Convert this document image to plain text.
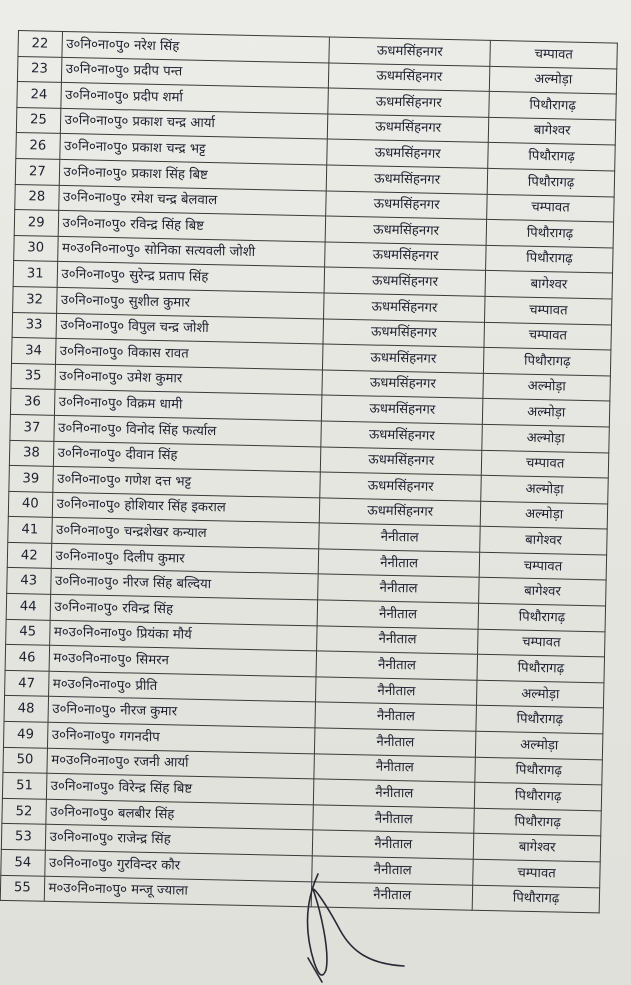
22	उ०नि०ना०पु० नरेश सिंह	ऊधमसिंहनगर	चम्पावत
23	उ०नि०ना०पु० प्रदीप पन्त	ऊधमसिंहनगर	अल्मोड़ा
24	उ०नि०ना०पु० प्रदीप शर्मा	ऊधमसिंहनगर	पिथौरागढ़
25	उ०नि०ना०पु० प्रकाश चन्द्र आर्या	ऊधमसिंहनगर	बागेश्वर
26	उ०नि०ना०पु० प्रकाश चन्द्र भट्ट	ऊधमसिंहनगर	पिथौरागढ़
27	उ०नि०ना०पु० प्रकाश सिंह बिष्ट	ऊधमसिंहनगर	पिथौरागढ़
28	उ०नि०ना०पु० रमेश चन्द्र बेलवाल	ऊधमसिंहनगर	चम्पावत
29	उ०नि०ना०पु० रविन्द्र सिंह बिष्ट	ऊधमसिंहनगर	पिथौरागढ़
30	म०उ०नि०ना०पु० सोनिका सत्यवली जोशी	ऊधमसिंहनगर	पिथौरागढ़
31	उ०नि०ना०पु० सुरेन्द्र प्रताप सिंह	ऊधमसिंहनगर	बागेश्वर
32	उ०नि०ना०पु० सुशील कुमार	ऊधमसिंहनगर	चम्पावत
33	उ०नि०ना०पु० विपुल चन्द्र जोशी	ऊधमसिंहनगर	चम्पावत
34	उ०नि०ना०पु० विकास रावत	ऊधमसिंहनगर	पिथौरागढ़
35	उ०नि०ना०पु० उमेश कुमार	ऊधमसिंहनगर	अल्मोड़ा
36	उ०नि०ना०पु० विक्रम धामी	ऊधमसिंहनगर	अल्मोड़ा
37	उ०नि०ना०पु० विनोद सिंह फर्त्याल	ऊधमसिंहनगर	अल्मोड़ा
38	उ०नि०ना०पु० दीवान सिंह	ऊधमसिंहनगर	चम्पावत
39	उ०नि०ना०पु० गणेश दत्त भट्ट	ऊधमसिंहनगर	अल्मोड़ा
40	उ०नि०ना०पु० होशियार सिंह इकराल	ऊधमसिंहनगर	अल्मोड़ा
41	उ०नि०ना०पु० चन्द्रशेखर कन्याल	नैनीताल	बागेश्वर
42	उ०नि०ना०पु० दिलीप कुमार	नैनीताल	चम्पावत
43	उ०नि०ना०पु० नीरज सिंह बल्दिया	नैनीताल	बागेश्वर
44	उ०नि०ना०पु० रविन्द्र सिंह	नैनीताल	पिथौरागढ़
45	म०उ०नि०ना०पु० प्रियंका मौर्य	नैनीताल	चम्पावत
46	म०उ०नि०ना०पु० सिमरन	नैनीताल	पिथौरागढ़
47	म०उ०नि०ना०पु० प्रीति	नैनीताल	अल्मोड़ा
48	उ०नि०ना०पु० नीरज कुमार	नैनीताल	पिथौरागढ़
49	उ०नि०ना०पु० गगनदीप	नैनीताल	अल्मोड़ा
50	म०उ०नि०ना०पु० रजनी आर्या	नैनीताल	पिथौरागढ़
51	उ०नि०ना०पु० विरेन्द्र सिंह बिष्ट	नैनीताल	पिथौरागढ़
52	उ०नि०ना०पु० बलबीर सिंह	नैनीताल	पिथौरागढ़
53	उ०नि०ना०पु० राजेन्द्र सिंह	नैनीताल	बागेश्वर
54	उ०नि०ना०पु० गुरविन्दर कौर	नैनीताल	चम्पावत
55	म०उ०नि०ना०पु० मन्जू ज्याला	नैनीताल	पिथौरागढ़
